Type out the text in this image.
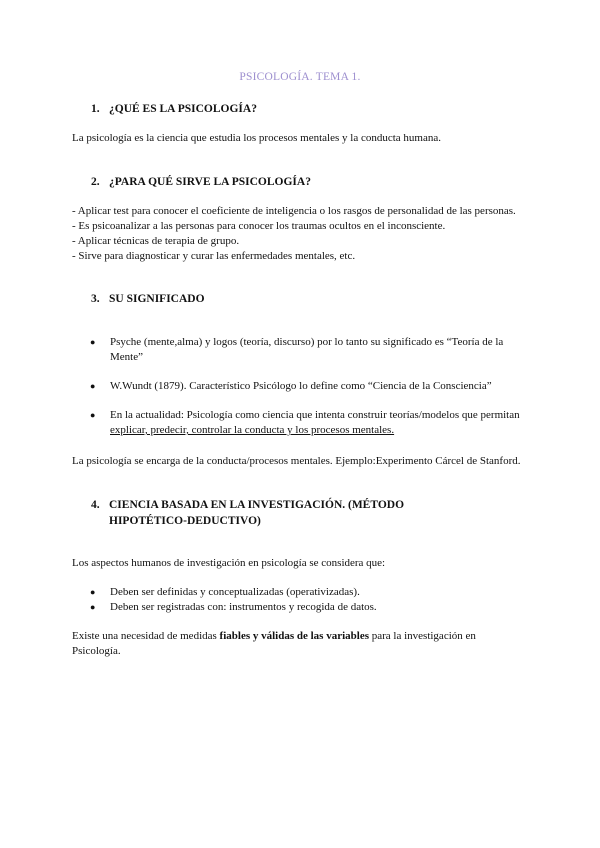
PSICOLOGÍA. TEMA 1.
1. ¿QUÉ ES LA PSICOLOGÍA?

La psicología es la ciencia que estudia los procesos mentales y la conducta humana.

2. ¿PARA QUÉ SIRVE LA PSICOLOGÍA?
- Aplicar test para conocer el coeficiente de inteligencia o los rasgos de personalidad de las personas.
- Es psicoanalizar a las personas para conocer los traumas ocultos en el inconsciente.
- Aplicar técnicas de terapia de grupo.
- Sirve para diagnosticar y curar las enfermedades mentales, etc.
3. SU SIGNIFICADO
● Psyche (mente,alma) y logos (teoría, discurso) por lo tanto su significado es “Teoría de la
Mente”
● W.Wundt (1879). Característico Psicólogo lo define como “Ciencia de la Consciencia”
● En la actualidad: Psicología como ciencia que intenta construir teorías/modelos que permitan
explicar, predecir, controlar la conducta y los procesos mentales.

La psicología se encarga de la conducta/procesos mentales. Ejemplo:Experimento Cárcel de Stanford.

4. CIENCIA BASADA EN LA INVESTIGACIÓN. (MÉTODO
HIPOTÉTICO-DEDUCTIVO)

Los aspectos humanos de investigación en psicología se considera que:

● Deben ser definidas y conceptualizadas (operativizadas).
● Deben ser registradas con: instrumentos y recogida de datos.
Existe una necesidad de medidas fiables y válidas de las variables para la investigación en
Psicología.
